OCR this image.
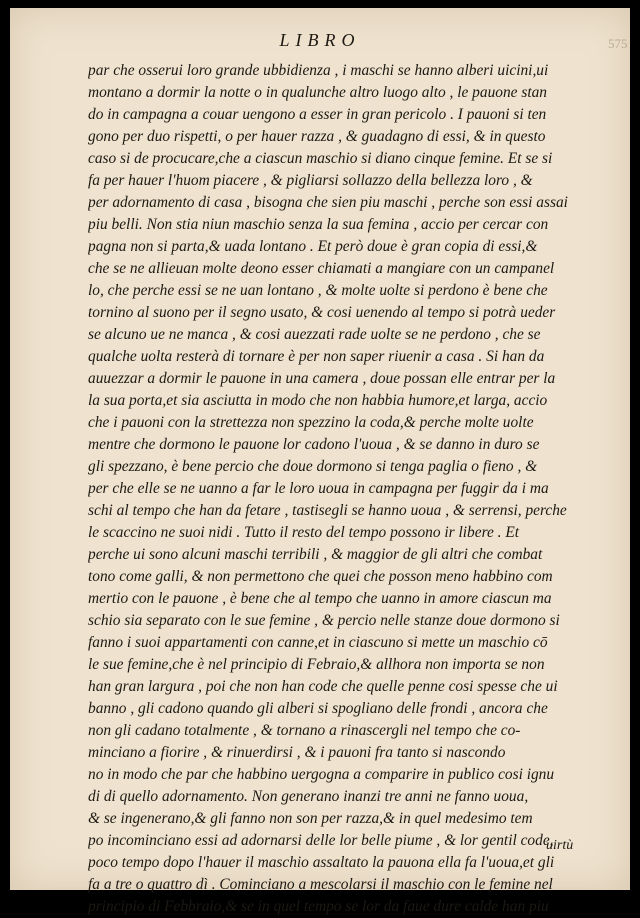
LIBRO	575
par che osserui loro grande ubbidienza , i maschi se hanno alberi uicini,ui
montano a dormir la notte o in qualunche altro luogo alto , le pauone stan
do in campagna a couar uengono a esser in gran pericolo . I pauoni si ten
gono per duo rispetti, o per hauer razza , & guadagno di essi, & in questo
caso si de procucare,che a ciascun maschio si diano cinque femine. Et se si
fa per hauer l'huom piacere , & pigliarsi sollazzo della bellezza loro , &
per adornamento di casa , bisogna che sien piu maschi , perche son essi assai
piu belli. Non stia niun maschio senza la sua femina , accio per cercar con
pagna non si parta,& uada lontano . Et però doue è gran copia di essi,&
che se ne allieuan molte deono esser chiamati a mangiare con un campanel
lo, che perche essi se ne uan lontano , & molte uolte si perdono è bene che
tornino al suono per il segno usato, & cosi uenendo al tempo si potrà ueder
se alcuno ue ne manca , & cosi auezzati rade uolte se ne perdono , che se
qualche uolta resterà di tornare è per non saper riuenir a casa . Si han da
auuezzar a dormir le pauone in una camera , doue possan elle entrar per la
la sua porta,et sia asciutta in modo che non habbia humore,et larga, accio
che i pauoni con la strettezza non spezzino la coda,& perche molte uolte
mentre che dormono le pauone lor cadono l'uoua , & se danno in duro se
gli spezzano, è bene percio che doue dormono si tenga paglia o fieno , &
per che elle se ne uanno a far le loro uoua in campagna per fuggir da i ma
schi al tempo che han da fetare , tastisegli se hanno uoua , & serrensi, perche
le scaccino ne suoi nidi . Tutto il resto del tempo possono ir libere . Et
perche ui sono alcuni maschi terribili , & maggior de gli altri che combat
tono come galli, & non permettono che quei che posson meno habbino com
mertio con le pauone , è bene che al tempo che uanno in amore ciascun ma
schio sia separato con le sue femine , & percio nelle stanze doue dormono si
fanno i suoi appartamenti con canne,et in ciascuno si mette un maschio cō
le sue femine,che è nel principio di Febraio,& allhora non importa se non
han gran largura , poi che non han code che quelle penne cosi spesse che ui
banno , gli cadono quando gli alberi si spogliano delle frondi , ancora che
non gli cadano totalmente , & tornano a rinascergli nel tempo che co-
minciano a fiorire , & rinuerdirsi , & i pauoni fra tanto si nascondo
no in modo che par che habbino uergogna a comparire in publico cosi ignu
di di quello adornamento. Non generano inanzi tre anni ne fanno uoua,
& se ingenerano,& gli fanno non son per razza,& in quel medesimo tem
po incominciano essi ad adornarsi delle lor belle piume , & lor gentil code,
poco tempo dopo l'hauer il maschio assaltato la pauona ella fa l'uoua,et gli
fa a tre o quattro dì . Cominciano a mescolarsi il maschio con le femine nel
principio di Febbraio,& se in quel tempo se lor da faue dure calde han piu
uirtù
